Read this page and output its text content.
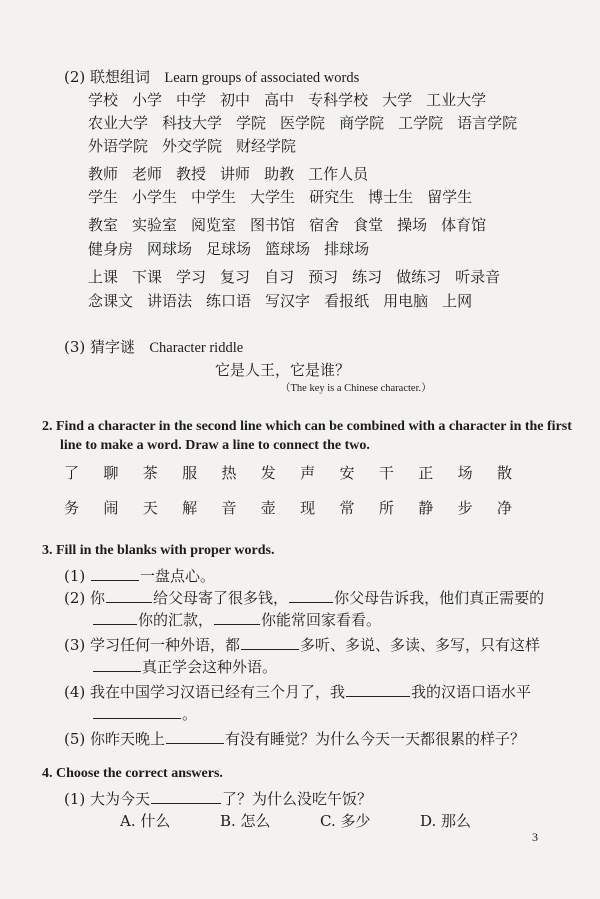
(2) 联想组词 Learn groups of associated words
学校 小学 中学 初中 高中 专科学校 大学 工业大学
农业大学 科技大学 学院 医学院 商学院 工学院 语言学院
外语学院 外交学院 财经学院
教师 老师 教授 讲师 助教 工作人员
学生 小学生 中学生 大学生 研究生 博士生 留学生
教室 实验室 阅览室 图书馆 宿舍 食堂 操场 体育馆
健身房 网球场 足球场 篮球场 排球场
上课 下课 学习 复习 自习 预习 练习 做练习 听录音
念课文 讲语法 练口语 写汉字 看报纸 用电脑 上网
(3) 猜字谜 Character riddle
它是人王，它是谁？
（The key is a Chinese character.）
2. Find a character in the second line which can be combined with a character in the first
line to make a word. Draw a line to connect the two.
了 聊 茶 服 热 发 声 安 干 正 场 散
务 闹 天 解 音 壶 现 常 所 静 步 净
3. Fill in the blanks with proper words.
(1)	一盘点心。
(2) 你	给父母寄了很多钱，	你父母告诉我，他们真正需要的
你的汇款，	你能常回家看看。
(3) 学习任何一种外语，都	多听、多说、多读、多写，只有这样
真正学会这种外语。
(4) 我在中国学习汉语已经有三个月了，我	我的汉语口语水平
。
(5) 你昨天晚上	有没有睡觉？为什么今天一天都很累的样子？
4. Choose the correct answers.
(1) 大为今天	了？为什么没吃午饭？
A. 什么	B. 怎么	C. 多少	D. 那么
3
